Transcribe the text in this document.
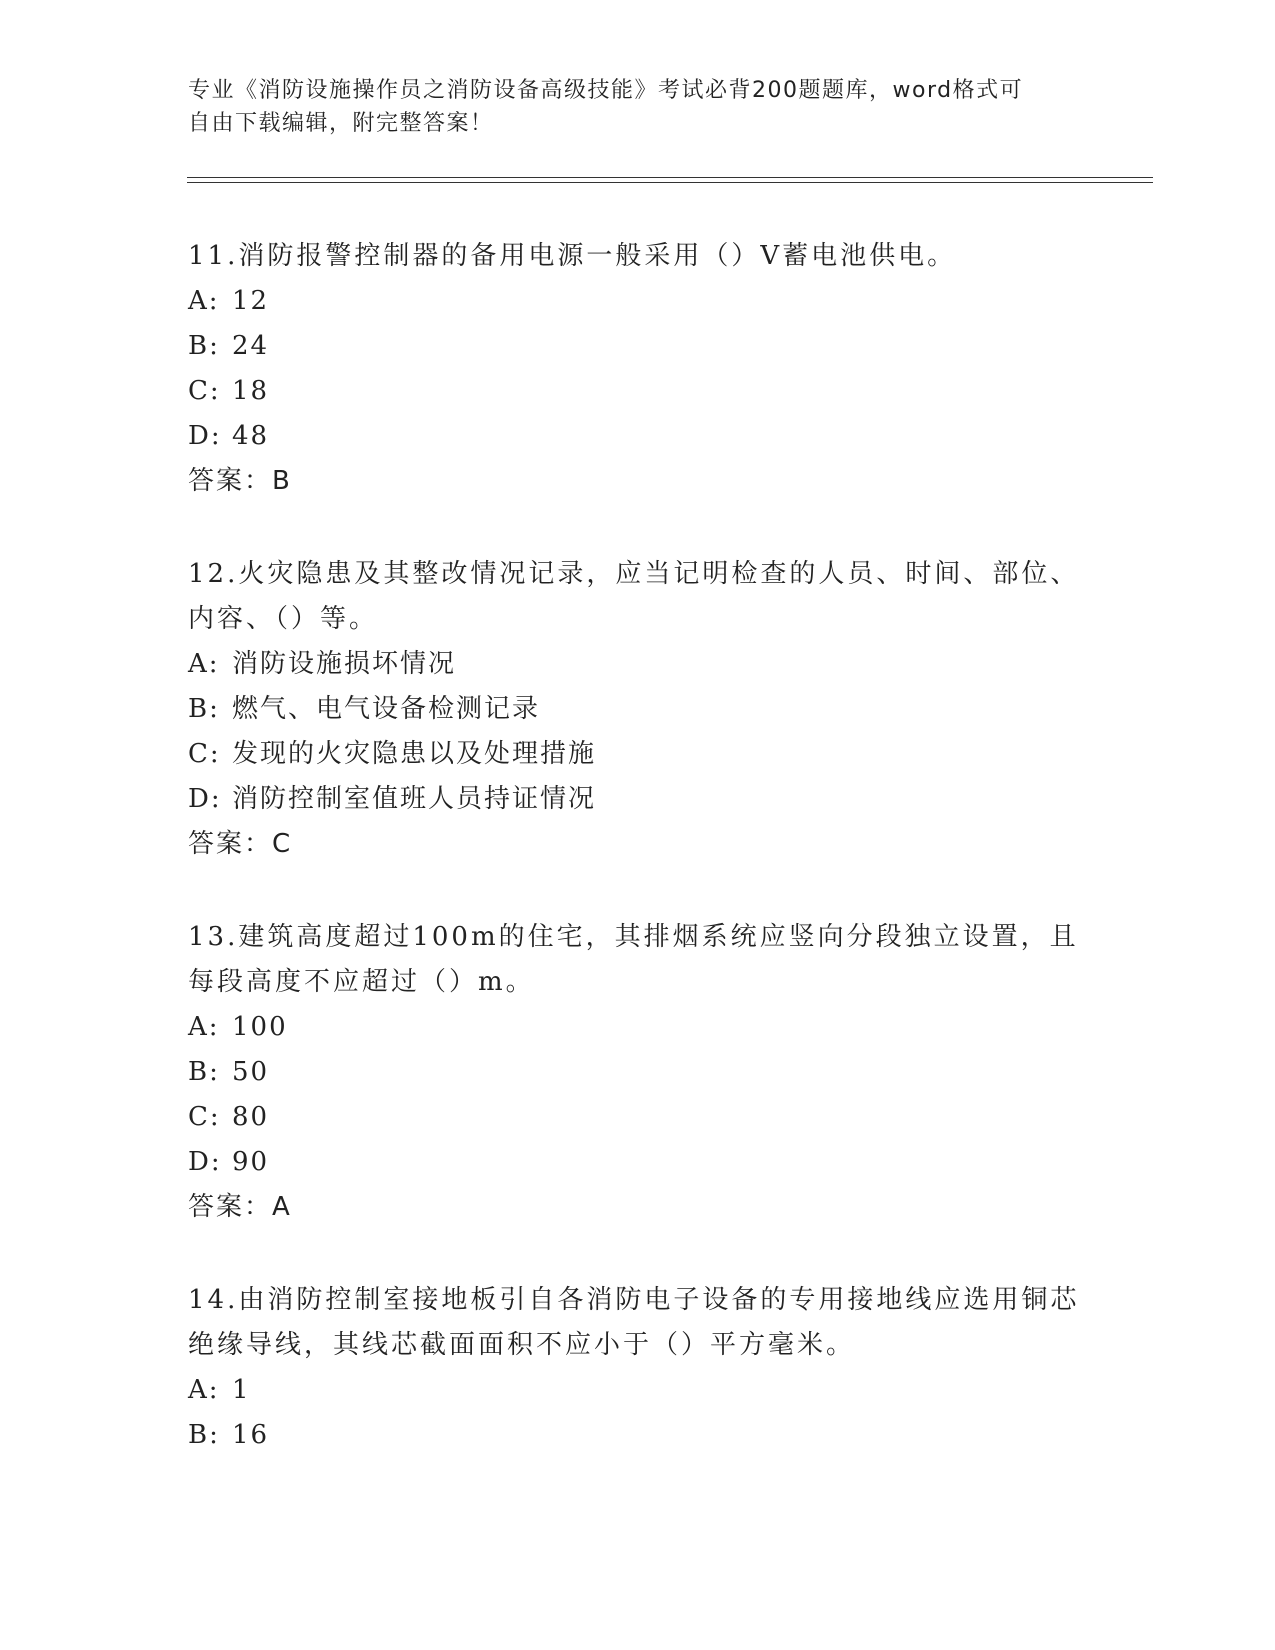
专业《消防设施操作员之消防设备高级技能》考试必背200题题库，word格式可
自由下载编辑，附完整答案！

11.消防报警控制器的备用电源一般采用（）V蓄电池供电。

A: 12
B: 24
C: 18
D: 48
答案：B

12.火灾隐患及其整改情况记录，应当记明检查的人员、时间、部位、内容、（）等。

A: 消防设施损坏情况
B: 燃气、电气设备检测记录
C: 发现的火灾隐患以及处理措施
D: 消防控制室值班人员持证情况
答案：C

13.建筑高度超过100m的住宅，其排烟系统应竖向分段独立设置，且每段高度不应超过（）m。

A: 100
B: 50
C: 80
D: 90
答案：A

14.由消防控制室接地板引自各消防电子设备的专用接地线应选用铜芯绝缘导线，其线芯截面面积不应小于（）平方毫米。

A: 1
B: 16
